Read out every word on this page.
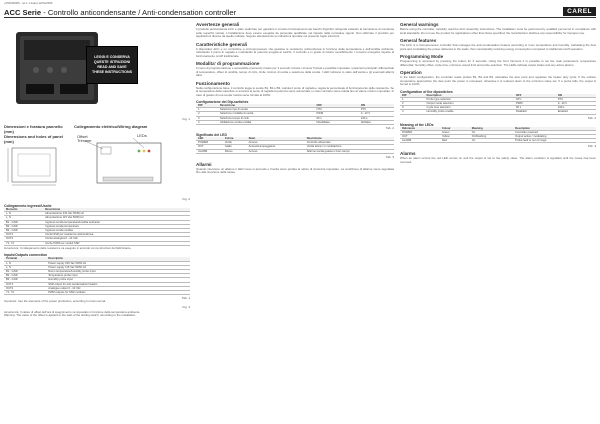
+050000065 - rel 1.1 dated 12/04/2005
ACC Serie - Controllo anticondensante / Anti-condensation controller	CAREL
LEGGI E CONSERVA
QUESTE ISTRUZIONI
READ AND SAVE
THESE INSTRUCTIONS
Fig. 1
Dimensioni e foratura pannello (mm)
Dimensions and holes of panel (mm)
Collegamento elettrico/Wiring diagram
Offset
Trimmer
LEDs
Fig. 2
Collegamento ingressi/Uscite
Morsetto	Descrizione
L, N	Alimentazione 230 Vac 50/60 Hz
L, N	Alimentazione 115 Vac 50/60 Hz
B1 - GND	Ingresso sonda temperatura/umidita ambiente
B2 - GND	Ingresso sonda temperatura
B3 - GND	Ingresso sonda umidita
OUT1	Uscita SSR per resistenze anticondensa
OUT2	Uscita analogica 0...10 Vdc
Y1, Y2	Uscite PWM per moduli SSR
Avvertenze: Il collegamento delle resistenze va eseguito in accordo con le istruzioni del fabbricante.
Inputs/Outputs connection
Terminal	Description
L, N	Power supply 230 Vac 50/60 Hz
L, N	Power supply 115 Vac 50/60 Hz
B1 - GND	Room temperature/humidity probe input
B2 - GND	Temperature probe input
B3 - GND	Humidity probe input
OUT1	SSR output for anti-condensation heaters
OUT2	Analogue output 0...10 Vdc
Y1, Y2	PWM outputs for SSR modules
Tab. 1
Important: Use the elements of the power production, according to local normal.
Fig. 3
Avvertenza: Il valore di offset dell'ora di spegnimento va impostato in funzione della temperatura ambiente.
Warning: The value of the offset is applied to the start of the antifog switch, according to the installation.
Avvertenze generali
Il prodotto anticondensa ACC e stato realizzato per garantire il corretto funzionamento dei banchi frigoriferi refrigerati evitando la formazione di condensa sulle superfici vetrate. L'installazione deve essere eseguita da personale qualificato nel rispetto delle normative vigenti. Non utilizzare il prodotto per applicazioni diverse da quelle indicate. Seguire attentamente le indicazioni riportate nel presente foglio istruzioni.
Caratteristiche generali
Il dispositivo ACC e un controllore a microprocessore che gestisce le resistenze anticondensa in funzione della temperatura e dell'umidita ambiente, calcolando il punto di rugiada e modulando la potenza erogata ai carichi. Il controllo e in grado di ridurre sensibilmente i consumi energetici rispetto al funzionamento on/off tradizionale.
Modalita' di programmazione
Il menu di programmazione e accessibile premendo il tasto per 3 secondi; tramite i trimmer frontali e possibile impostare i parametri principali: differenziale di temperatura, offset di umidita, tempo di ciclo, limite minimo di uscita e selezione della sonda. I LED indicano lo stato dell'uscita e gli eventuali allarmi attivi.
Funzionamento
Nella configurazione base, il controllo legge le sonde B1, B2 e B3, calcola il punto di rugiada e regola la percentuale di funzionamento delle resistenze. Se la temperatura della superficie si avvicina al punto di rugiada la potenza viene aumentata; in caso contrario viene ridotta fino al valore minimo impostato. In caso di guasto di una sonda l'uscita viene forzata al 100%.
Configurazione dei Dip-switches
DIP	Descrizione	OFF	ON
1	Selezione tipo di sonda	NTC	PTC
2	Selezione modalita di uscita	PWM	0...10 V
3	Selezione tempo di ciclo	60 s	240 s
4	Abilitazione sonda umidita	Disabilitata	Abilitata
Tab. 2
Significato dei LED
LED	Colore	Stato	Descrizione
POWER	Verde	Acceso	Controllo alimentato
OUT	Giallo	Acceso/Lampeggiante	Uscita attiva / in modulazione
ALARM	Rosso	Acceso	Allarme sonda guasta o fuori campo
Tab. 3
Allarmi
Quando interviene un allarme il LED rosso si accende e l'uscita viene portata al valore di sicurezza impostato. La condizione di allarme viene segnalata fino alla rimozione della causa.
General warnings
Before using the controller, carefully read the ACC assembly instructions. The installation must be performed by qualified personnel in compliance with local standards. Do not use the product for applications other than those specified; the manufacturer declines any responsibility for improper use.
General features
The ACC is a microprocessor controller that manages the anti-condensation heaters according to room temperature and humidity, calculating the dew point and modulating the power delivered to the loads, thus considerably reducing energy consumption compared to traditional on/off operation.
Programming Mode
Programming is accessed by pressing the button for 3 seconds. Using the front trimmers it is possible to set the main parameters: temperature differential, humidity offset, cycle time, minimum output limit and probe selection. The LEDs indicate output status and any active alarms.
Operation
In the basic configuration, the controller reads probes B1, B2 and B3, calculates the dew point and regulates the heater duty cycle. If the surface temperature approaches the dew point the power is increased, otherwise it is reduced down to the minimum value set. If a probe fails, the output is forced to 100%.
Configuration of the dipswitches
DIP	Description	OFF	ON
1	Probe type selection	NTC	PTC
2	Output mode selection	PWM	0...10 V
3	Cycle time selection	60 s	240 s
4	Humidity probe enable	Disabled	Enabled
Tab. 2
Meaning of the LEDs
Reference	Colour	Meaning	Description
POWER	Green	On	Controller powered
OUT	Yellow	On/Flashing	Output active / modulating
ALARM	Red	On	Probe fault or out of range
Tab. 3
Alarms
When an alarm occurs the red LED comes on and the output is set to the safety value. The alarm condition is signalled until the cause has been removed.
